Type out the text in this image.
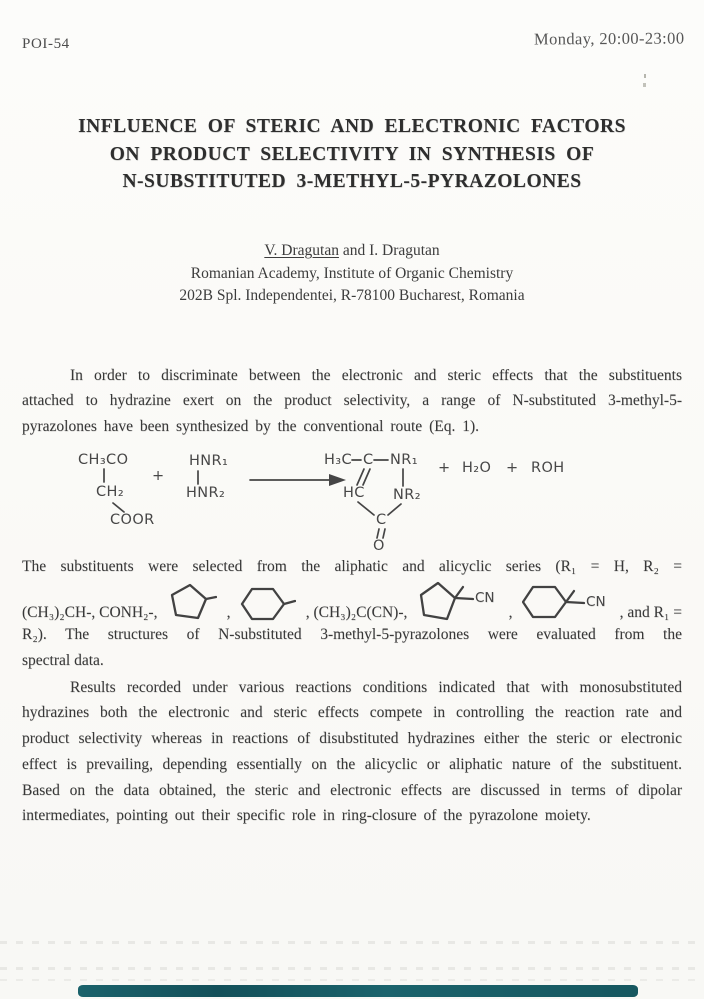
POI-54	Monday, 20:00-23:00
INFLUENCE OF STERIC AND ELECTRONIC FACTORS
ON PRODUCT SELECTIVITY IN SYNTHESIS OF
N-SUBSTITUTED 3-METHYL-5-PYRAZOLONES
V. Dragutan and I. Dragutan
Romanian Academy, Institute of Organic Chemistry
202B Spl. Independentei, R-78100 Bucharest, Romania

In order to discriminate between the electronic and steric effects that the substituents attached to hydrazine exert on the product selectivity, a range of N-substituted 3-methyl-5-pyrazolones have been synthesized by the conventional route (Eq. 1).

CH₃CO
CH₂
COOR
+
HNR₁
HNR₂
H₃C C NR₁
HC NR₂
C
O
+ H₂O + ROH
The substituents were selected from the aliphatic and alicyclic series (R₁ = H, R₂ =
(CH₃)₂CH-, CONH₂-,	,	, (CH₃)₂C(CN)-,
CN
,
CN
, and R₁ =
R₂). The structures of N-substituted 3-methyl-5-pyrazolones were evaluated from the
spectral data.

Results recorded under various reactions conditions indicated that with monosubstituted hydrazines both the electronic and steric effects compete in controlling the reaction rate and product selectivity whereas in reactions of disubstituted hydrazines either the steric or electronic effect is prevailing, depending essentially on the alicyclic or aliphatic nature of the substituent. Based on the data obtained, the steric and electronic effects are discussed in terms of dipolar intermediates, pointing out their specific role in ring-closure of the pyrazolone moiety.
